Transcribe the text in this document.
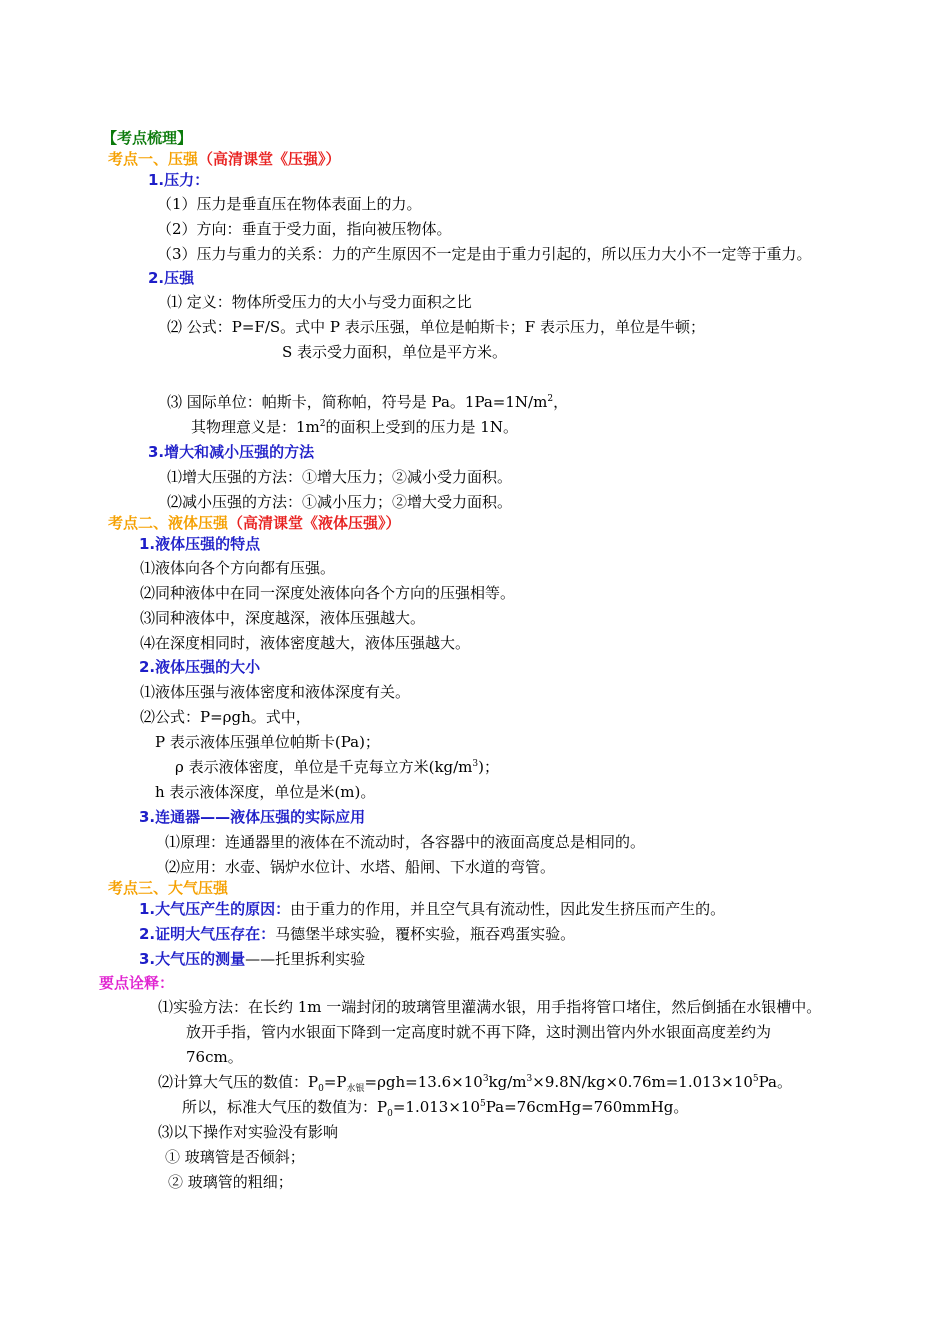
【考点梳理】
考点一、压强（高清课堂《压强》）
1.压力：
（1）压力是垂直压在物体表面上的力。
（2）方向：垂直于受力面，指向被压物体。
（3）压力与重力的关系：力的产生原因不一定是由于重力引起的，所以压力大小不一定等于重力。
2.压强
⑴ 定义：物体所受压力的大小与受力面积之比
⑵ 公式：P=F/S。式中 P 表示压强，单位是帕斯卡；F 表示压力，单位是牛顿；
S 表示受力面积，单位是平方米。
⑶ 国际单位：帕斯卡，简称帕，符号是 Pa。$1Pa=1N/m^2$，
其物理意义是：$1m^2$的面积上受到的压力是 1N。
3.增大和减小压强的方法
⑴增大压强的方法：①增大压力；②减小受力面积。
⑵减小压强的方法：①减小压力；②增大受力面积。
考点二、液体压强（高清课堂《液体压强》）
1.液体压强的特点
⑴液体向各个方向都有压强。
⑵同种液体中在同一深度处液体向各个方向的压强相等。
⑶同种液体中，深度越深，液体压强越大。
⑷在深度相同时，液体密度越大，液体压强越大。
2.液体压强的大小
⑴液体压强与液体密度和液体深度有关。
⑵公式：P=ρgh。式中，
P 表示液体压强单位帕斯卡(Pa)；
ρ 表示液体密度，单位是千克每立方米$(kg/m^3)$；
h 表示液体深度，单位是米(m)。
3.连通器——液体压强的实际应用
⑴原理：连通器里的液体在不流动时，各容器中的液面高度总是相同的。
⑵应用：水壶、锅炉水位计、水塔、船闸、下水道的弯管。
考点三、大气压强
1.大气压产生的原因：由于重力的作用，并且空气具有流动性，因此发生挤压而产生的。
2.证明大气压存在：马德堡半球实验，覆杯实验，瓶吞鸡蛋实验。
3.大气压的测量——托里拆利实验
要点诠释：
⑴实验方法：在长约 1m 一端封闭的玻璃管里灌满水银，用手指将管口堵住，然后倒插在水银槽中。
放开手指，管内水银面下降到一定高度时就不再下降，这时测出管内外水银面高度差约为
76cm。
⑵计算大气压的数值：$P_0=P_{水银}=\rho gh=13.6\times 10^3kg/m^3\times 9.8N/kg\times 0.76m=1.013\times 10^5Pa$。
所以，标准大气压的数值为：$P_0=1.013\times 10^5Pa=76cmHg=760mmHg$。
⑶以下操作对实验没有影响
① 玻璃管是否倾斜；
② 玻璃管的粗细；
